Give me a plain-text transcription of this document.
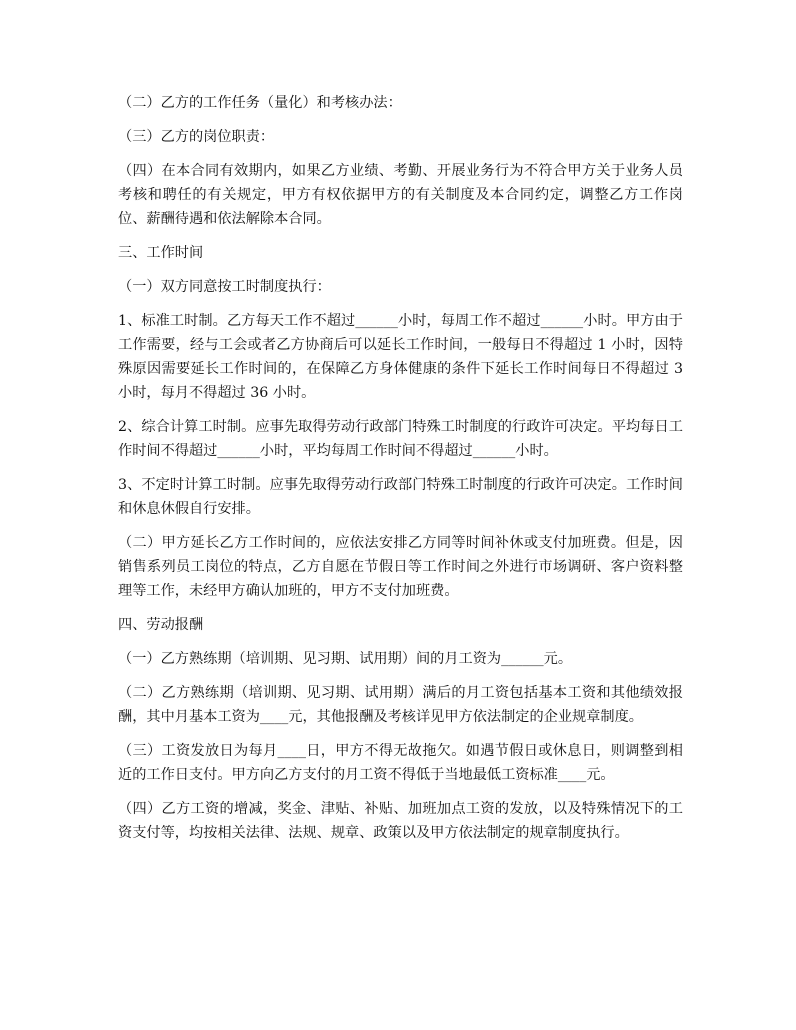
（二）乙方的工作任务（量化）和考核办法：

（三）乙方的岗位职责：

（四）在本合同有效期内，如果乙方业绩、考勤、开展业务行为不符合甲方关于业务人员考核和聘任的有关规定，甲方有权依据甲方的有关制度及本合同约定，调整乙方工作岗位、薪酬待遇和依法解除本合同。

三、工作时间

（一）双方同意按工时制度执行：

1、标准工时制。乙方每天工作不超过______小时，每周工作不超过______小时。甲方由于工作需要，经与工会或者乙方协商后可以延长工作时间，一般每日不得超过 1 小时，因特殊原因需要延长工作时间的，在保障乙方身体健康的条件下延长工作时间每日不得超过 3 小时，每月不得超过 36 小时。

2、综合计算工时制。应事先取得劳动行政部门特殊工时制度的行政许可决定。平均每日工作时间不得超过______小时，平均每周工作时间不得超过______小时。

3、不定时计算工时制。应事先取得劳动行政部门特殊工时制度的行政许可决定。工作时间和休息休假自行安排。

（二）甲方延长乙方工作时间的，应依法安排乙方同等时间补休或支付加班费。但是，因销售系列员工岗位的特点，乙方自愿在节假日等工作时间之外进行市场调研、客户资料整理等工作，未经甲方确认加班的，甲方不支付加班费。

四、劳动报酬

（一）乙方熟练期（培训期、见习期、试用期）间的月工资为______元。

（二）乙方熟练期（培训期、见习期、试用期）满后的月工资包括基本工资和其他绩效报酬，其中月基本工资为____元，其他报酬及考核详见甲方依法制定的企业规章制度。

（三）工资发放日为每月____日，甲方不得无故拖欠。如遇节假日或休息日，则调整到相近的工作日支付。甲方向乙方支付的月工资不得低于当地最低工资标准____元。

（四）乙方工资的增减，奖金、津贴、补贴、加班加点工资的发放，以及特殊情况下的工资支付等，均按相关法律、法规、规章、政策以及甲方依法制定的规章制度执行。
